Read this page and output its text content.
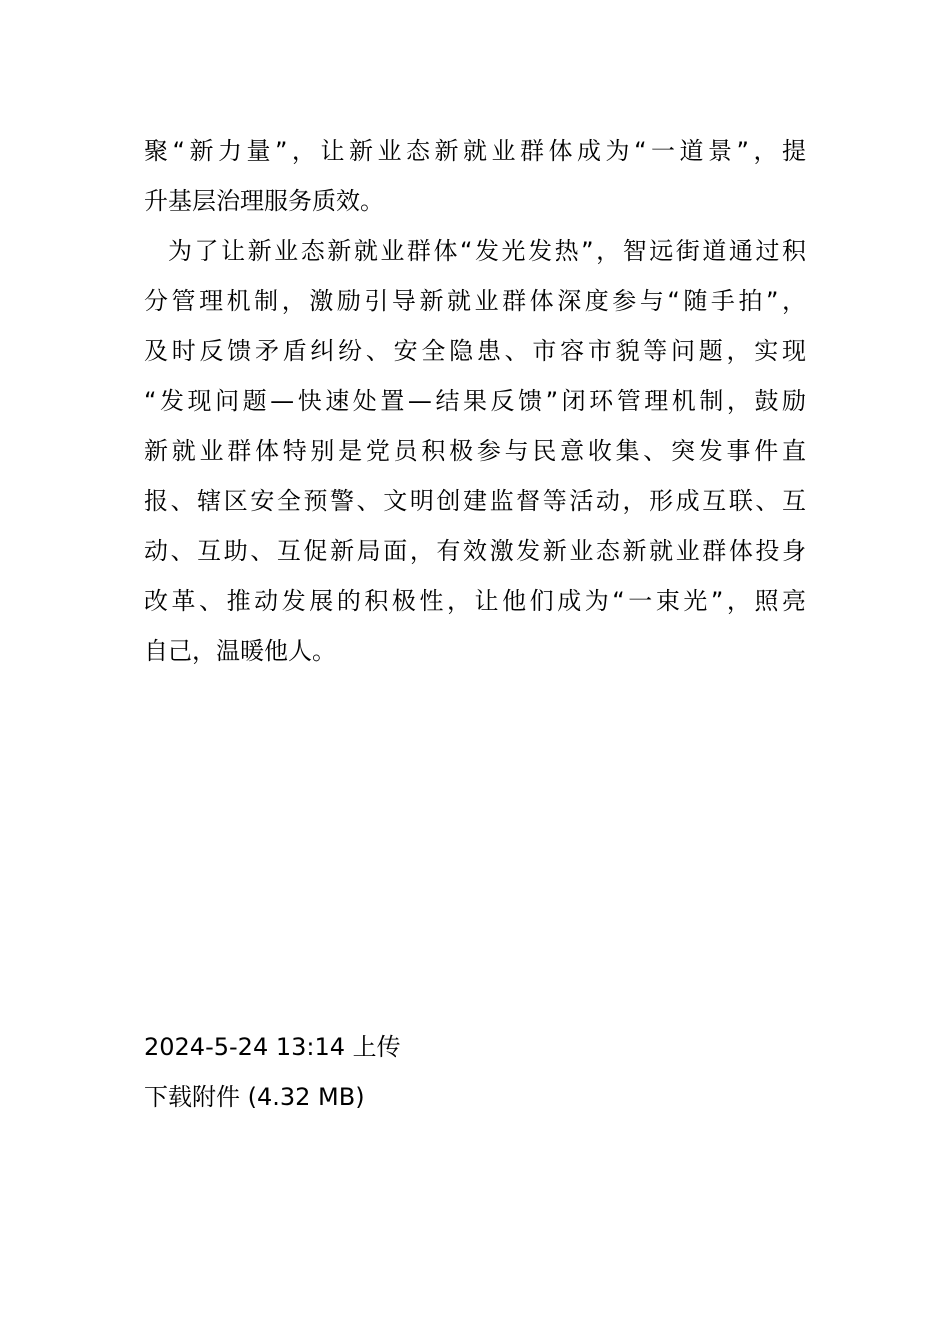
聚“新力量”，让新业态新就业群体成为“一道景”，提
升基层治理服务质效。
为了让新业态新就业群体“发光发热”，智远街道通过积
分管理机制，激励引导新就业群体深度参与“随手拍”，
及时反馈矛盾纠纷、安全隐患、市容市貌等问题，实现
“发现问题—快速处置—结果反馈”闭环管理机制，鼓励
新就业群体特别是党员积极参与民意收集、突发事件直
报、辖区安全预警、文明创建监督等活动，形成互联、互
动、互助、互促新局面，有效激发新业态新就业群体投身
改革、推动发展的积极性，让他们成为“一束光”，照亮
自己，温暖他人。
2024-5-24 13:14 上传
下载附件 (4.32 MB)
